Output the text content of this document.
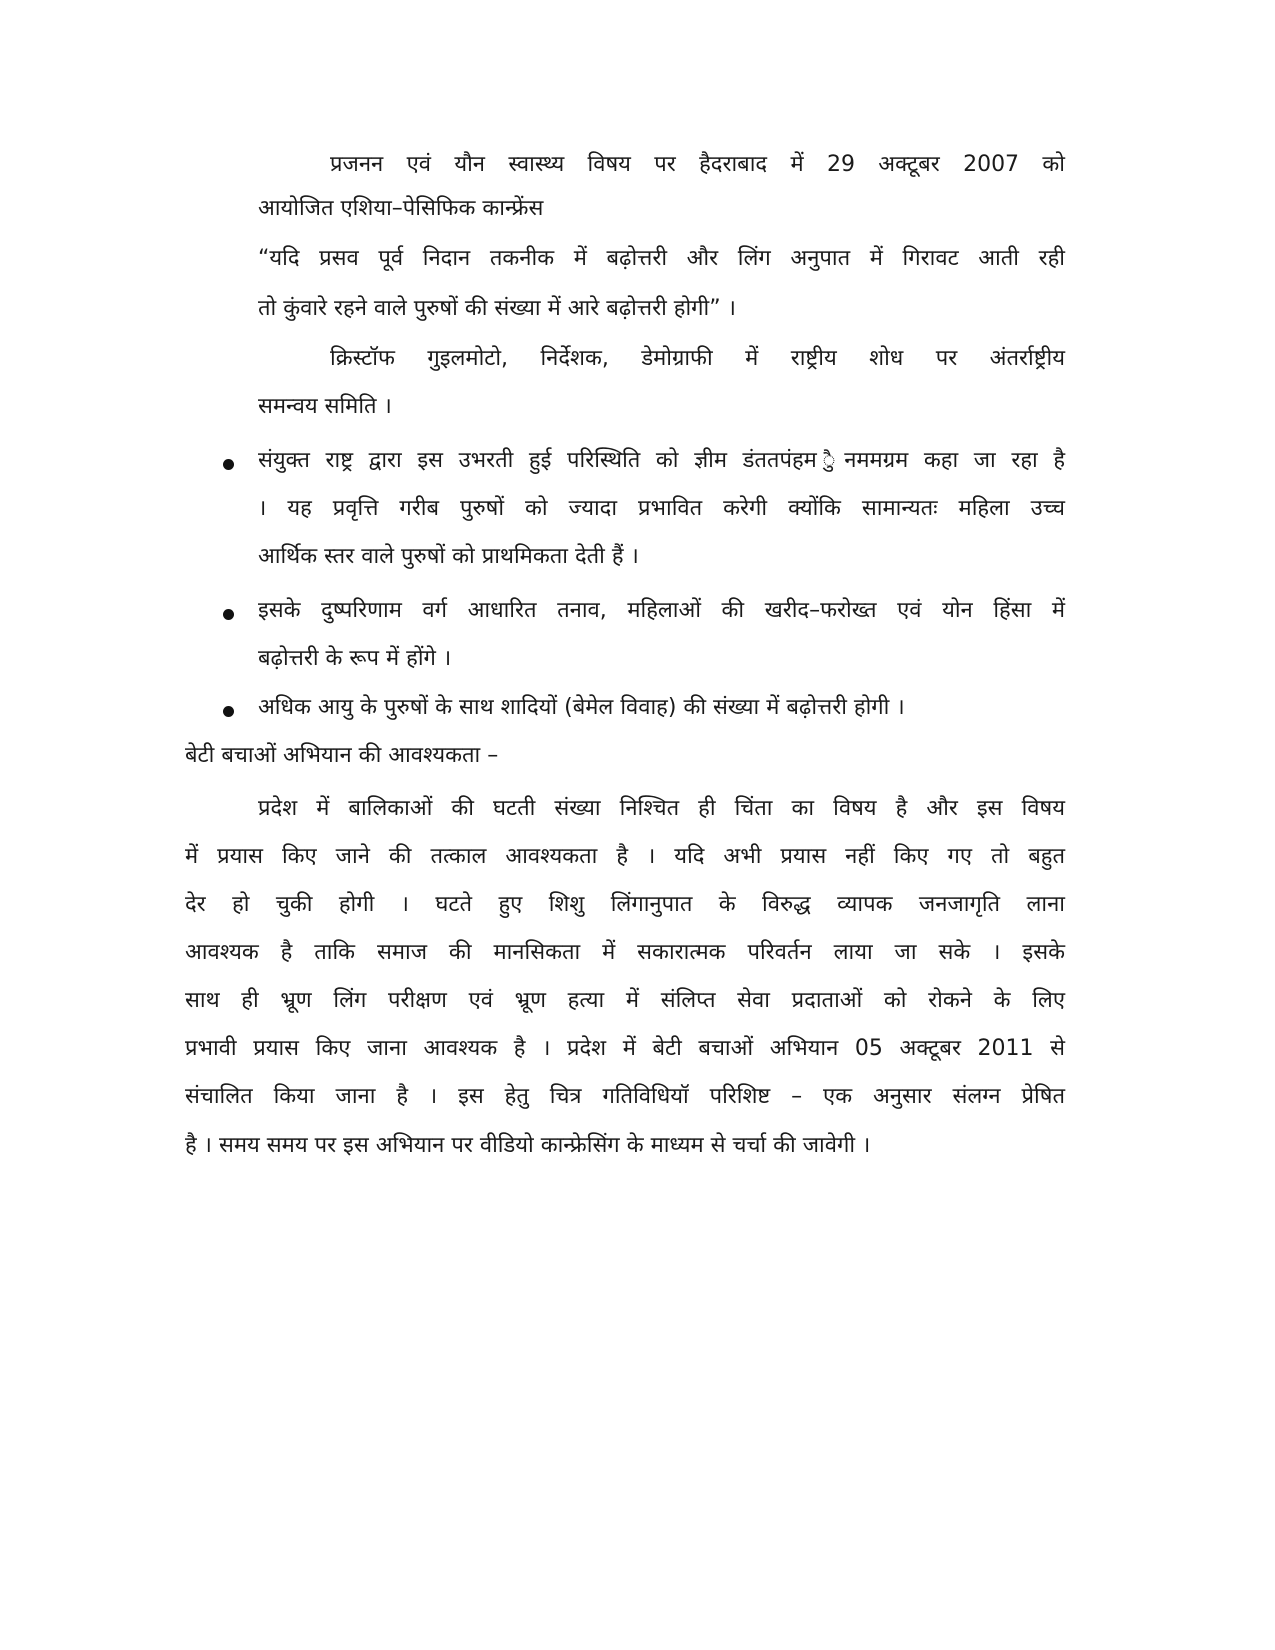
प्रजनन एवं यौन स्वास्थ्य विषय पर हैदराबाद में 29 अक्टूबर 2007 को
आयोजित एशिया–पेसिफिक कान्फ्रेंस
“यदि प्रसव पूर्व निदान तकनीक में बढ़ोत्तरी और लिंग अनुपात में गिरावट आती रही
तो कुंवारे रहने वाले पुरुषों की संख्या में आरे बढ़ोत्तरी होगी” ।
क्रिस्टॉफ गुइलमोटो, निर्देशक, डेमोग्राफी में राष्ट्रीय शोध पर अंतर्राष्ट्रीय
समन्वय समिति ।
संयुक्त राष्ट्र द्वारा इस उभरती हुई परिस्थिति को ज्ञीम डंततपंहम ैुनममग्रम कहा जा रहा है
। यह प्रवृत्ति गरीब पुरुषों को ज्यादा प्रभावित करेगी क्योंकि सामान्यतः महिला उच्च
आर्थिक स्तर वाले पुरुषों को प्राथमिकता देती हैं ।
इसके दुष्परिणाम वर्ग आधारित तनाव, महिलाओं की खरीद–फरोख्त एवं योन हिंसा में
बढ़ोत्तरी के रूप में होंगे ।
अधिक आयु के पुरुषों के साथ शादियों (बेमेल विवाह) की संख्या में बढ़ोत्तरी होगी ।
बेटी बचाओं अभियान की आवश्यकता –
प्रदेश में बालिकाओं की घटती संख्या निश्चित ही चिंता का विषय है और इस विषय
में प्रयास किए जाने की तत्काल आवश्यकता है । यदि अभी प्रयास नहीं किए गए तो बहुत
देर हो चुकी होगी । घटते हुए शिशु लिंगानुपात के विरुद्ध व्यापक जनजागृति लाना
आवश्यक है ताकि समाज की मानसिकता में सकारात्मक परिवर्तन लाया जा सके । इसके
साथ ही भ्रूण लिंग परीक्षण एवं भ्रूण हत्या में संलिप्त सेवा प्रदाताओं को रोकने के लिए
प्रभावी प्रयास किए जाना आवश्यक है । प्रदेश में बेटी बचाओं अभियान 05 अक्टूबर 2011 से
संचालित किया जाना है । इस हेतु चित्र गतिविधियॉ परिशिष्ट – एक अनुसार संलग्न प्रेषित
है । समय समय पर इस अभियान पर वीडियो कान्फ्रेसिंग के माध्यम से चर्चा की जावेगी ।
